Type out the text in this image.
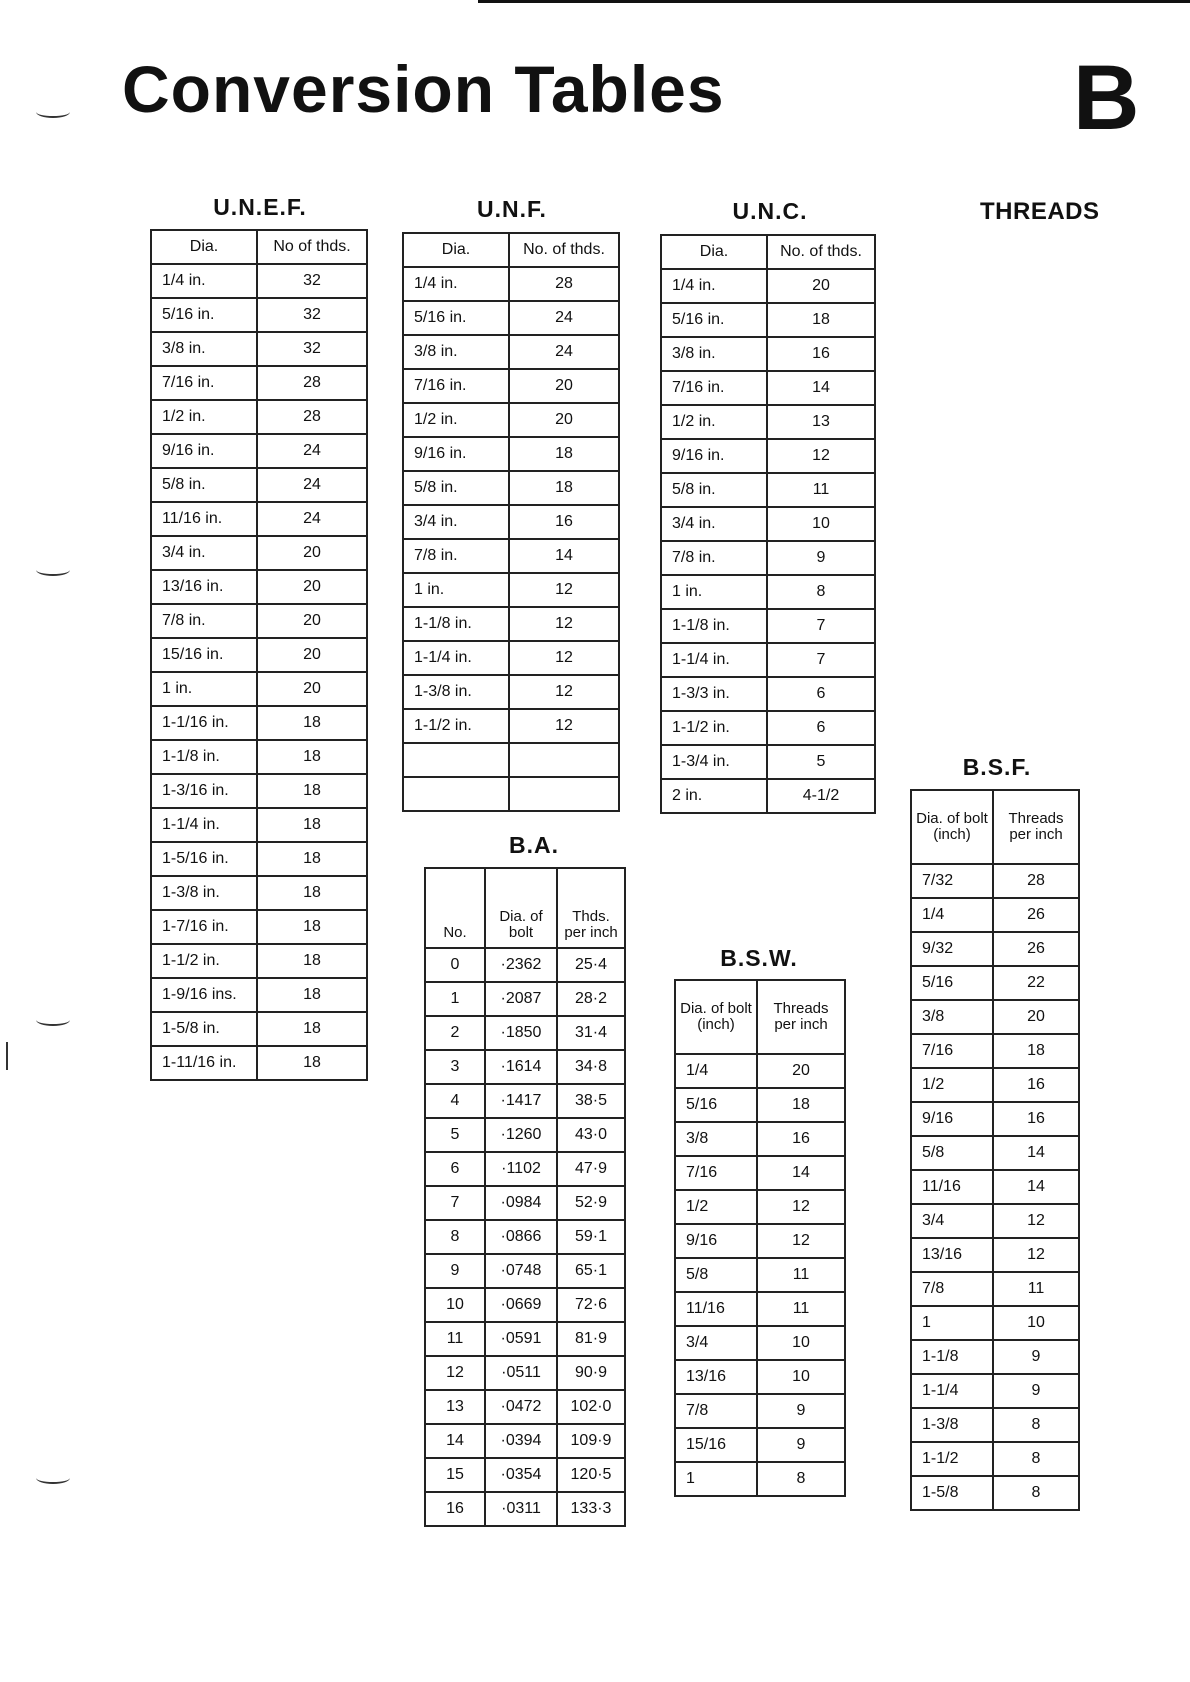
Conversion Tables	B
THREADS
U.N.E.F.
Dia.	No of thds.
1/4 in.	32
5/16 in.	32
3/8 in.	32
7/16 in.	28
1/2 in.	28
9/16 in.	24
5/8 in.	24
11/16 in.	24
3/4 in.	20
13/16 in.	20
7/8 in.	20
15/16 in.	20
1 in.	20
1-1/16 in.	18
1-1/8 in.	18
1-3/16 in.	18
1-1/4 in.	18
1-5/16 in.	18
1-3/8 in.	18
1-7/16 in.	18
1-1/2 in.	18
1-9/16 ins.	18
1-5/8 in.	18
1-11/16 in.	18
U.N.F.
Dia.	No. of thds.
1/4 in.	28
5/16 in.	24
3/8 in.	24
7/16 in.	20
1/2 in.	20
9/16 in.	18
5/8 in.	18
3/4 in.	16
7/8 in.	14
1 in.	12
1-1/8 in.	12
1-1/4 in.	12
1-3/8 in.	12
1-1/2 in.	12

U.N.C.
Dia.	No. of thds.
1/4 in.	20
5/16 in.	18
3/8 in.	16
7/16 in.	14
1/2 in.	13
9/16 in.	12
5/8 in.	11
3/4 in.	10
7/8 in.	9
1 in.	8
1-1/8 in.	7
1-1/4 in.	7
1-3/3 in.	6
1-1/2 in.	6
1-3/4 in.	5
2 in.	4-1/2
B.A.
No.	Dia. of bolt	Thds. per inch
0	·2362	25·4
1	·2087	28·2
2	·1850	31·4
3	·1614	34·8
4	·1417	38·5
5	·1260	43·0
6	·1102	47·9
7	·0984	52·9
8	·0866	59·1
9	·0748	65·1
10	·0669	72·6
11	·0591	81·9
12	·0511	90·9
13	·0472	102·0
14	·0394	109·9
15	·0354	120·5
16	·0311	133·3
B.S.W.
Dia. of bolt (inch)	Threads per inch
1/4	20
5/16	18
3/8	16
7/16	14
1/2	12
9/16	12
5/8	11
11/16	11
3/4	10
13/16	10
7/8	9
15/16	9
1	8
B.S.F.
Dia. of bolt (inch)	Threads per inch
7/32	28
1/4	26
9/32	26
5/16	22
3/8	20
7/16	18
1/2	16
9/16	16
5/8	14
11/16	14
3/4	12
13/16	12
7/8	11
1	10
1-1/8	9
1-1/4	9
1-3/8	8
1-1/2	8
1-5/8	8
